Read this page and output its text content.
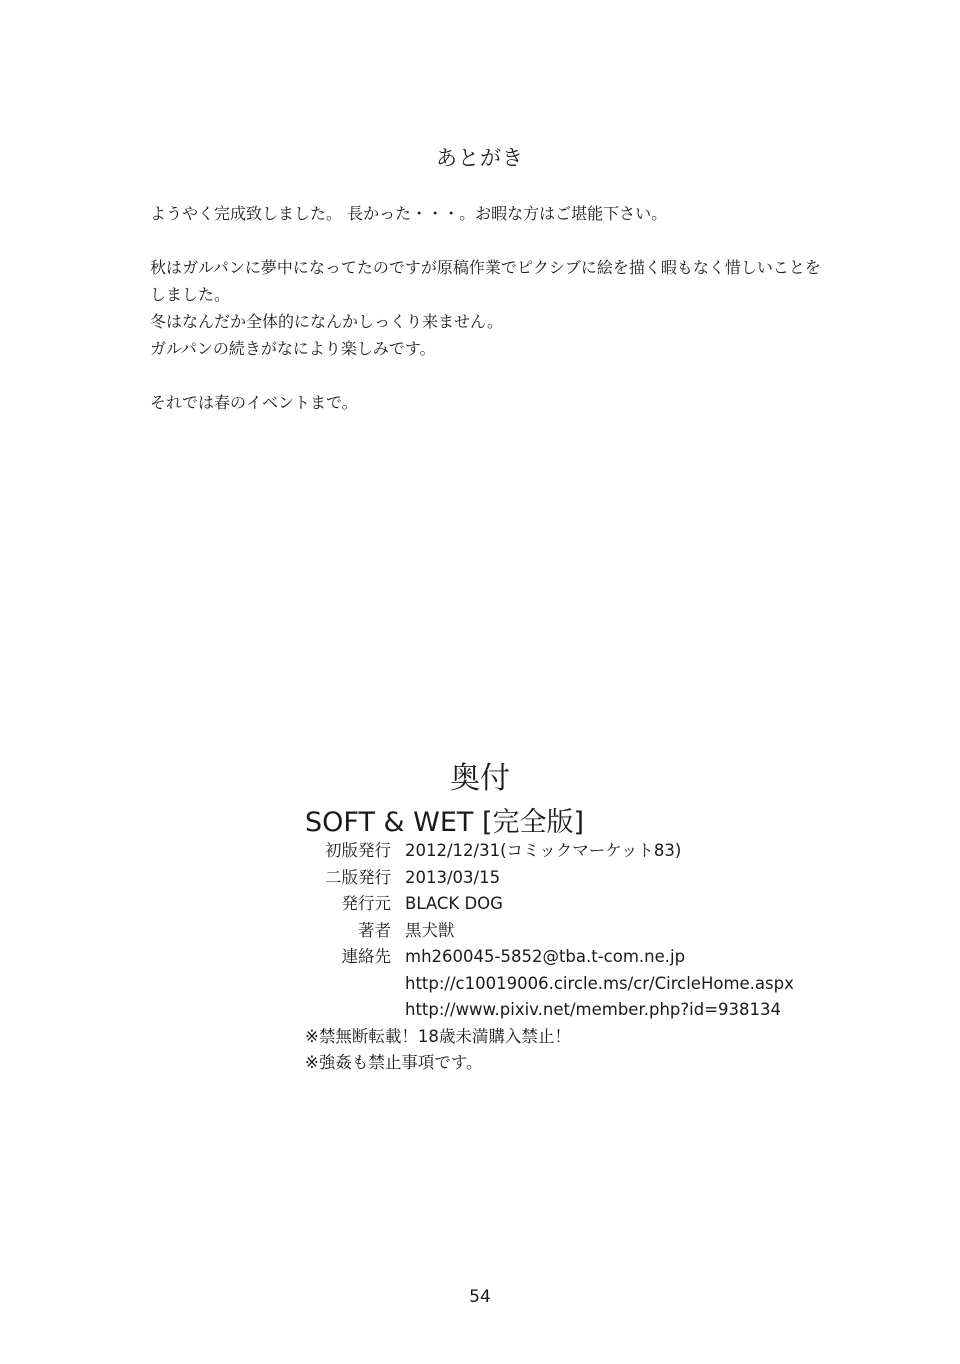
あとがき
ようやく完成致しました。 長かった・・・。お暇な方はご堪能下さい。
秋はガルパンに夢中になってたのですが原稿作業でピクシブに絵を描く暇もなく惜しいことを
しました。
冬はなんだか全体的になんかしっくり来ません。
ガルパンの続きがなにより楽しみです。
それでは春のイベントまで。
奥付
SOFT & WET [完全版]
初版発行 2012/12/31(コミックマーケット83)
二版発行 2013/03/15
発行元 BLACK DOG
著者 黒犬獣
連絡先 mh260045-5852@tba.t-com.ne.jp
http://c10019006.circle.ms/cr/CircleHome.aspx
http://www.pixiv.net/member.php?id=938134
※禁無断転載！18歳未満購入禁止！
※強姦も禁止事項です。
54
